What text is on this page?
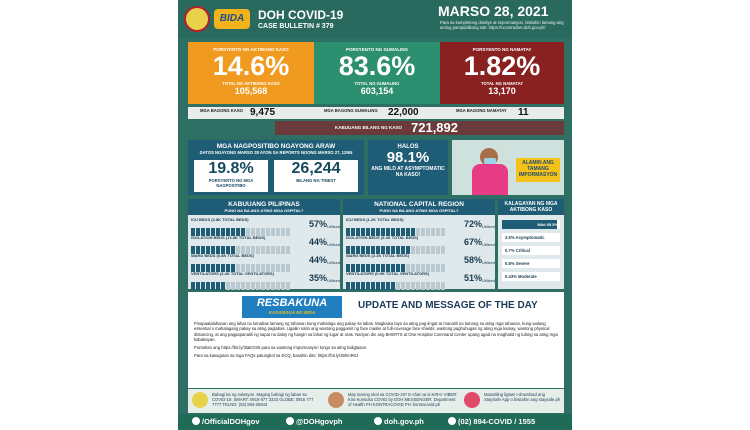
BIDA	DOH COVID-19
CASE BULLETIN # 379
MARSO 28, 2021
Para sa kumpletong detalye at impormasyon, bisitahin lamang ang aming pampublikong site: https://ncovtracker.doh.gov.ph/
PORSYENTO NG AKTIBONG KASO
14.6%
TOTAL NG AKTIBONG KASO
105,568
PORSYENTO NG GUMALING
83.6%
TOTAL NG GUMALING
603,154
PORSYENTO NG NAMATAY
1.82%
TOTAL NG NAMATAY
13,170
MGA BAGONG KASO 9,475	MGA BAGONG GUMALING 22,000	MGA BAGONG NAMATAY 11
KABUUANG BILANG NG KASO 721,892
MGA NAGPOSITIBO NGAYONG ARAW
DATOS NGAYONG MARSO 28 AYON SA REPORTS NOONG MARSO 27, 12NN
19.8%
PORSYENTO NG MGA NAGPOSITIBO
26,244
BILANG NG TINEST
HALOS
98.1%
ANG MILD AT ASYMPTOMATIC NA KASO!
ALAMIN ANG TAMANG IMPORMASYON
KABUUANG PILIPINAS
PUNO NA BA ANG ATING MGA OSPITAL?
ICU BEDS (3.8K TOTAL BEDS)	57% Utilized
ISOLATION BEDS (13.8K TOTAL BEDS)	44% Utilized
WARD BEDS (6.8K TOTAL BEDS)	44% Utilized
VENTILATORS (2.4K TOTAL VENTILATORS)	35% Utilized
NATIONAL CAPITAL REGION
PUNO NA BA ANG ATING MGA OSPITAL?
ICU BEDS (1.2K TOTAL BEDS)	72% Utilized
ISOLATION BEDS (3.4K TOTAL BEDS)	67% Utilized
WARD BEDS (2.2K TOTAL BEDS)	58% Utilized
VENTILATORS (0.9K TOTAL VENTILATORS)	51% Utilized
KALAGAYAN NG MGA AKTIBONG KASO
Mild 95.5%
2.5% Asymptomatic
0.7% Critical
0.8% Severe
0.43% Moderate
RESBAKUNA
KASANGGA NG BIDA
UPDATE AND MESSAGE OF THE DAY

Pinapaalalahanan ang lahat na lumabas lamang ng tahanan kung mahalaga ang pakay sa labas. Magkaisa tayo sa ating pag-iingat at manatili na lamang sa ating mga tahanan, kung walang essential o mahalagang pakay sa ating paglabas. Ugaliin natin ang wastong paggamit ng face masks at full-coverage face shields, wastong paghuhugas ng ating mga kamay, wastong physical distancing, at ang pagpapanatili ng sapat na daloy ng hangin sa lahat ng lugar at oras. Nariyan din ang BHERTS at One Hospital Command Center upang agad na maghatid ng tulong sa ating mga kababayan.

Puntahan ang https://bit.ly/3laEGS5 para sa wastong impormasyon tungo sa ating kaligtasan.

Para sa kasagutan sa mga FAQs patungkol sa ECQ, basahin dito: https://bit.ly/39hmR0J

Bahagi ka ng solusyon. Maging bahagi ng laban sa COVID-19. SMART: 0919 977 3333 GLOBE: 0915 777 7777 TELNO: (02) 894-26843
May tanong ukol sa COVID-19? E-chat na si KIRA! VIBER: Kira Konsulta COVID by DOH MESSENGER: Department of Health PH KONTRACOVID PH: kontracovid.ph
Manatiling ligtas! I-download ang StaySafe App o bisitahin ang staysafe.ph
MAKIPAGSABAYAN SA AMING MGA PAHINA PARA SA KUMPLETONG IMPORMASYON
/OfficialDOHgov	@DOHgovph	doh.gov.ph	(02) 894-COVID / 1555
